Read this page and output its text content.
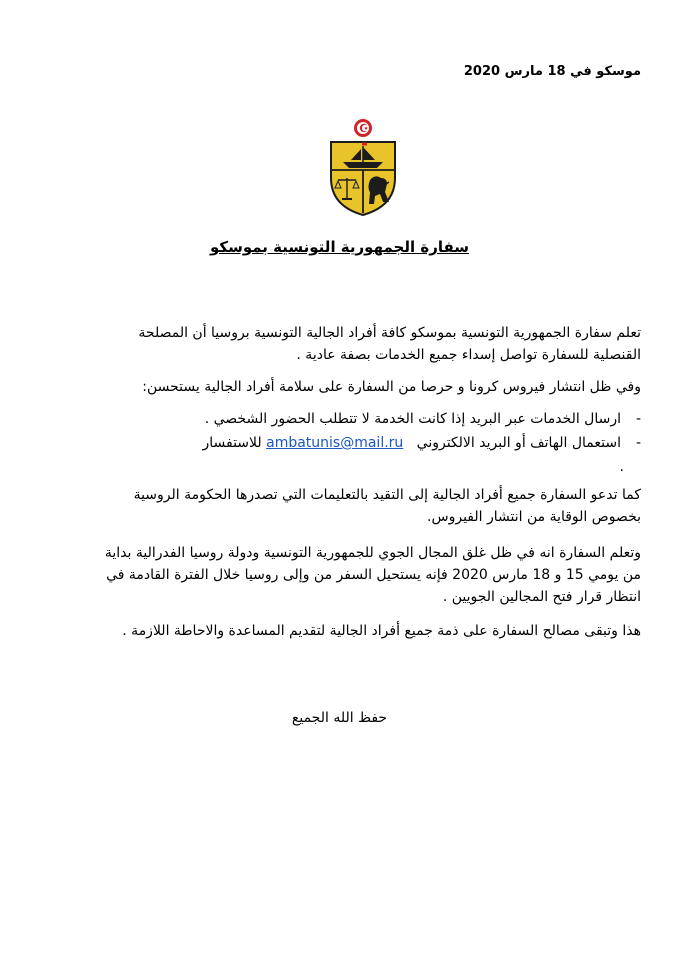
موسكو في 18 مارس 2020
سفارة الجمهورية التونسية بموسكو

تعلم سفارة الجمهورية التونسية بموسكو كافة أفراد الجالية التونسية بروسيا أن المصلحة

القنصلية للسفارة تواصل إسداء جميع الخدمات بصفة عادية .

وفي ظل انتشار فيروس كرونا و حرصا من السفارة على سلامة أفراد الجالية يستحسن:

-ارسال الخدمات عبر البريد إذا كانت الخدمة لا تتطلب الحضور الشخصي .

-استعمال الهاتف أو البريد الالكتروني   ambatunis@mail.ru للاستفسار

.

كما تدعو السفارة جميع أفراد الجالية إلى التقيد بالتعليمات التي تصدرها الحكومة الروسية

بخصوص الوقاية من انتشار الفيروس.

وتعلم السفارة انه في ظل غلق المجال الجوي للجمهورية التونسية ودولة روسيا الفدرالية بداية

من يومي 15 و 18 مارس 2020 فإنه يستحيل السفر من وإلى روسيا خلال الفترة القادمة في

انتظار قرار فتح المجالين الجويين .

هذا وتبقى مصالح السفارة على ذمة جميع أفراد الجالية لتقديم المساعدة والاحاطة اللازمة .

حفظ الله الجميع
